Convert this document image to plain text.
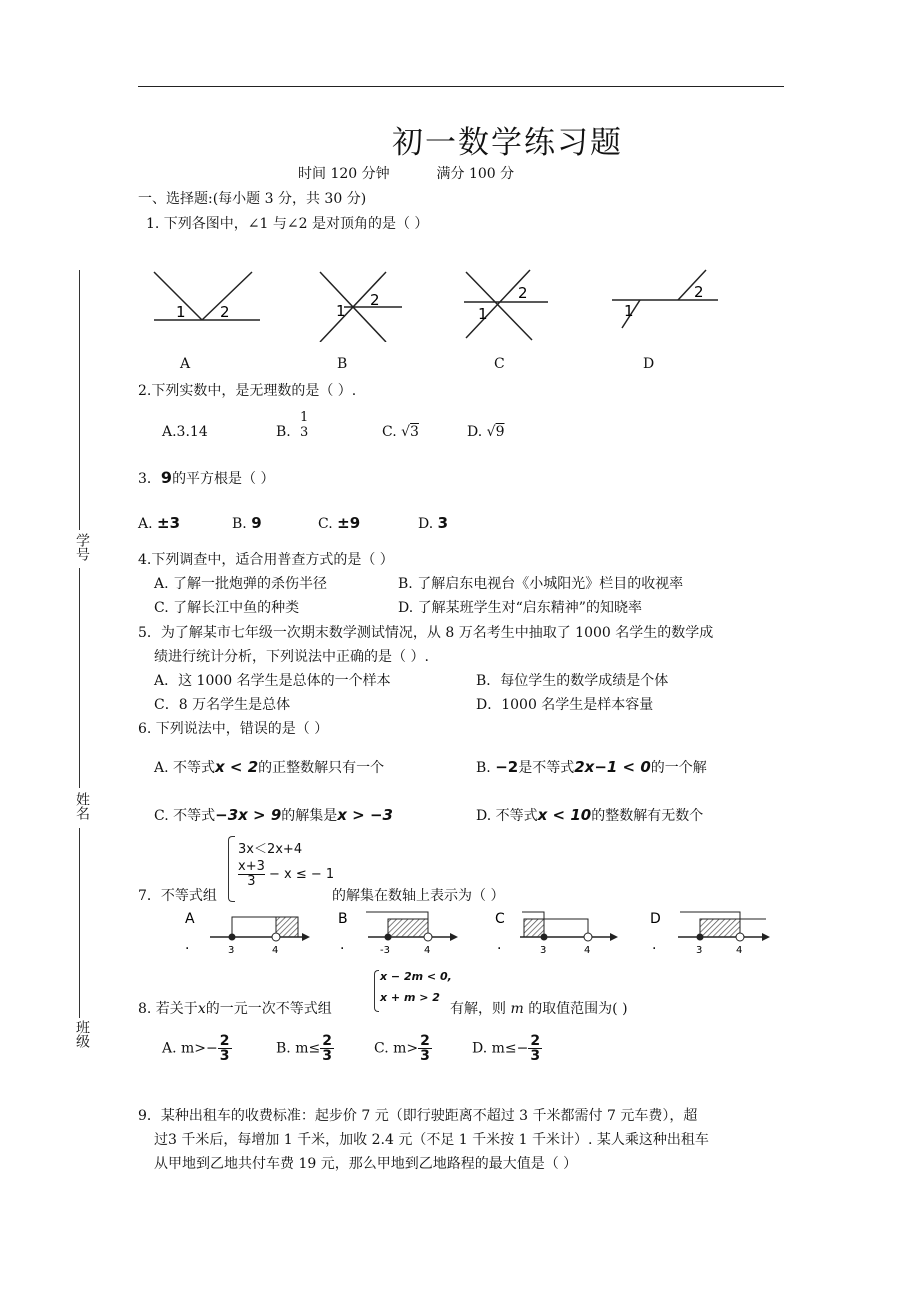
学号
姓名
班级
初一数学练习题
时间 120 分钟	满分 100 分
一、选择题:(每小题 3 分，共 30 分)
1. 下列各图中，∠1 与∠2 是对顶角的是（ ）
1 2	1
2
1
2
1
2
A	B	C	D
2.下列实数中，是无理数的是（ ）.
A.3.14	B.
1
3	C. √3	D. √9
3．9的平方根是（ ）
A. ±3	B. 9	C. ±9	D. 3
4.下列调查中，适合用普查方式的是（ ）
A. 了解一批炮弹的杀伤半径	B. 了解启东电视台《小城阳光》栏目的收视率
C. 了解长江中鱼的种类	D. 了解某班学生对“启东精神”的知晓率
5．为了解某市七年级一次期末数学测试情况，从 8 万名考生中抽取了 1000 名学生的数学成
绩进行统计分析，下列说法中正确的是（ ）.
A．这 1000 名学生是总体的一个样本	B．每位学生的数学成绩是个体
C．8 万名学生是总体	D．1000 名学生是样本容量
6. 下列说法中，错误的是（ ）
A. 不等式x < 2的正整数解只有一个	B. −2是不等式2x−1 < 0的一个解
C. 不等式−3x > 9的解集是x > −3	D. 不等式x < 10的整数解有无数个
3x＜2x+4
$\frac{x+3}{3} - x$ ≤ − 1
7．不等式组	的解集在数轴上表示为（ ）
A
.	3	4
B
.	-3	4
C
.	3	4
D
.	3	4
x − 2m < 0,
x + m > 2
8. 若关于x的一元一次不等式组	有解，则 m 的取值范围为( )
A. $m>- \frac{2}{3}$	B. $m\le \frac{2}{3}$	C. $m> \frac{2}{3}$	D. $m\le- \frac{2}{3}$
9．某种出租车的收费标准：起步价 7 元（即行驶距离不超过 3 千米都需付 7 元车费），超
过3 千米后，每增加 1 千米，加收 2.4 元（不足 1 千米按 1 千米计）. 某人乘这种出租车
从甲地到乙地共付车费 19 元，那么甲地到乙地路程的最大值是（ ）
